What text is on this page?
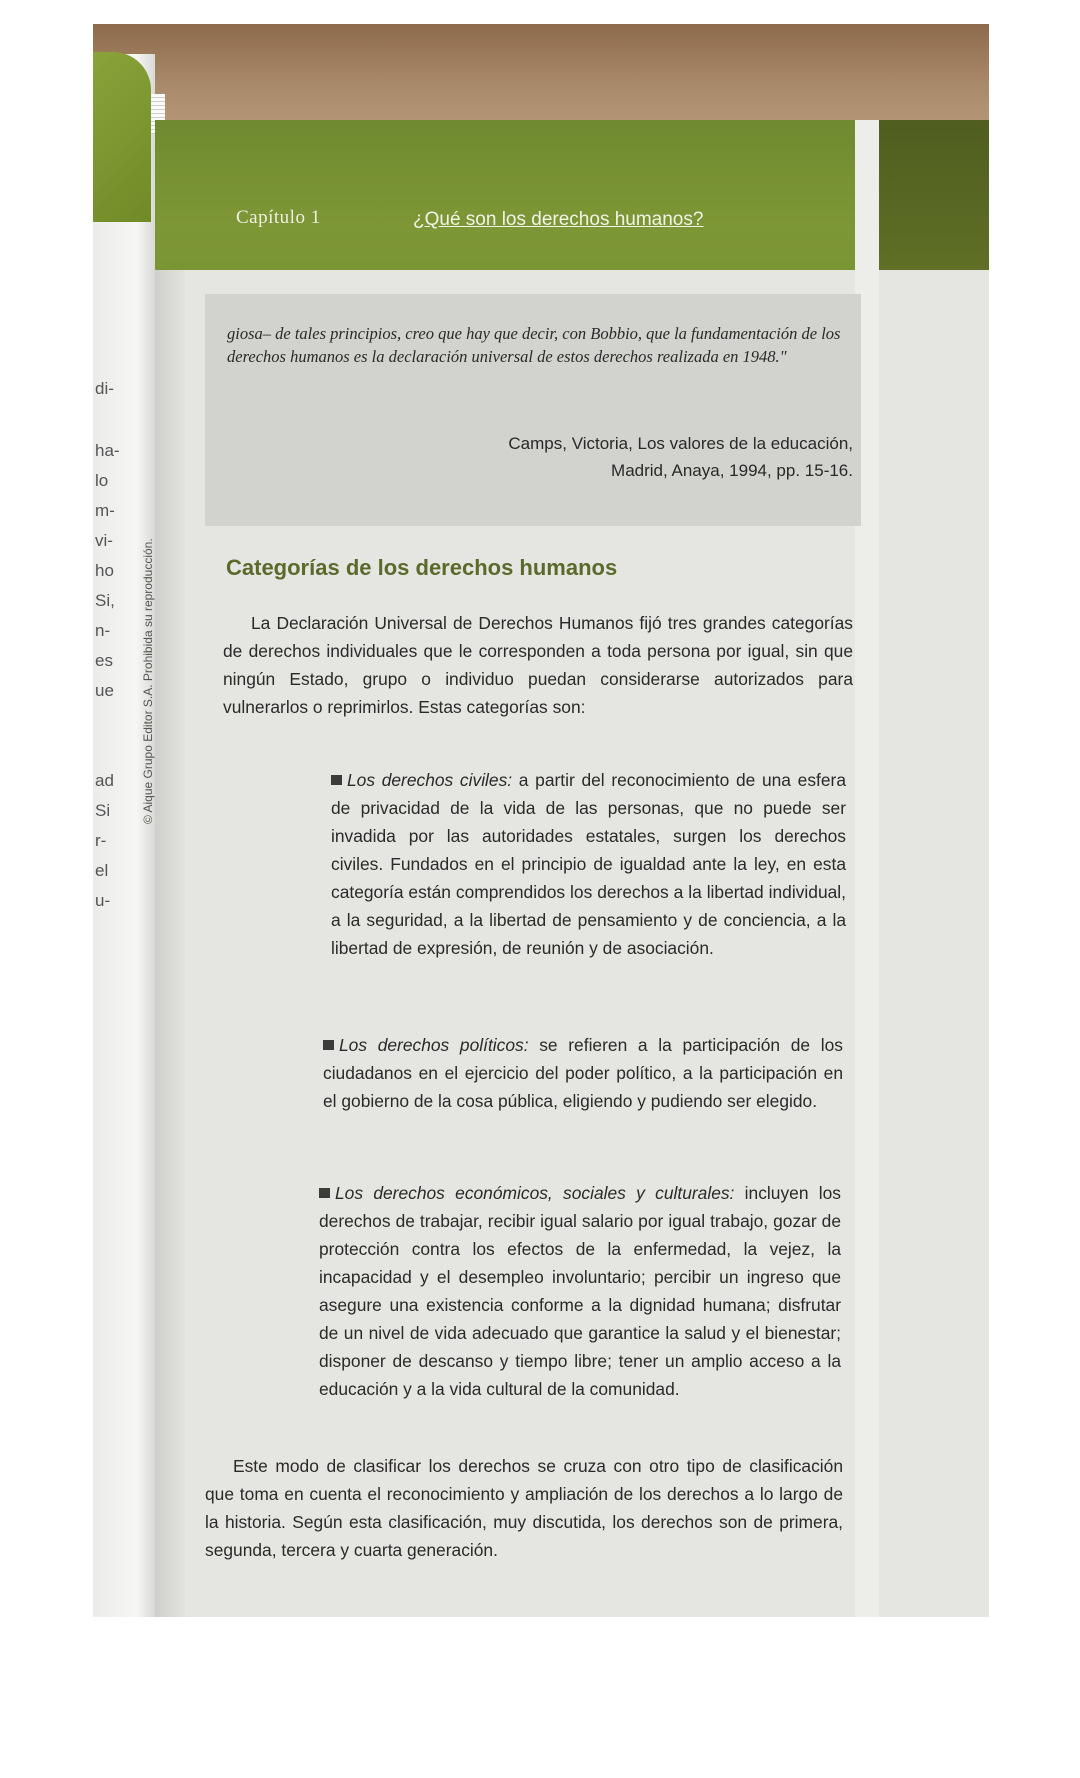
di-
ha-
lo
m-
vi-
ho
Si,
n-
es
ue
ad
Si
r-
el
u-
© Aique Grupo Editor S.A. Prohibida su reproducción.
Capítulo 1	¿Qué son los derechos humanos?
giosa– de tales principios, creo que hay que decir, con Bobbio, que la fundamentación de los derechos humanos es la declaración universal de estos derechos realizada en 1948."
Camps, Victoria, Los valores de la educación,
Madrid, Anaya, 1994, pp. 15-16.
Categorías de los derechos humanos
La Declaración Universal de Derechos Humanos fijó tres grandes categorías de derechos individuales que le corresponden a toda persona por igual, sin que ningún Estado, grupo o individuo puedan considerarse autorizados para vulnerarlos o reprimirlos. Estas categorías son:
Los derechos civiles: a partir del reconocimiento de una esfera de privacidad de la vida de las personas, que no puede ser invadida por las autoridades estatales, surgen los derechos civiles. Fundados en el principio de igualdad ante la ley, en esta categoría están comprendidos los derechos a la libertad individual, a la seguridad, a la libertad de pensamiento y de conciencia, a la libertad de expresión, de reunión y de asociación.
Los derechos políticos: se refieren a la participación de los ciudadanos en el ejercicio del poder político, a la participación en el gobierno de la cosa pública, eligiendo y pudiendo ser elegido.
Los derechos económicos, sociales y culturales: incluyen los derechos de trabajar, recibir igual salario por igual trabajo, gozar de protección contra los efectos de la enfermedad, la vejez, la incapacidad y el desempleo involuntario; percibir un ingreso que asegure una existencia conforme a la dignidad humana; disfrutar de un nivel de vida adecuado que garantice la salud y el bienestar; disponer de descanso y tiempo libre; tener un amplio acceso a la educación y a la vida cultural de la comunidad.
Este modo de clasificar los derechos se cruza con otro tipo de clasificación que toma en cuenta el reconocimiento y ampliación de los derechos a lo largo de la historia. Según esta clasificación, muy discutida, los derechos son de primera, segunda, tercera y cuarta generación.
